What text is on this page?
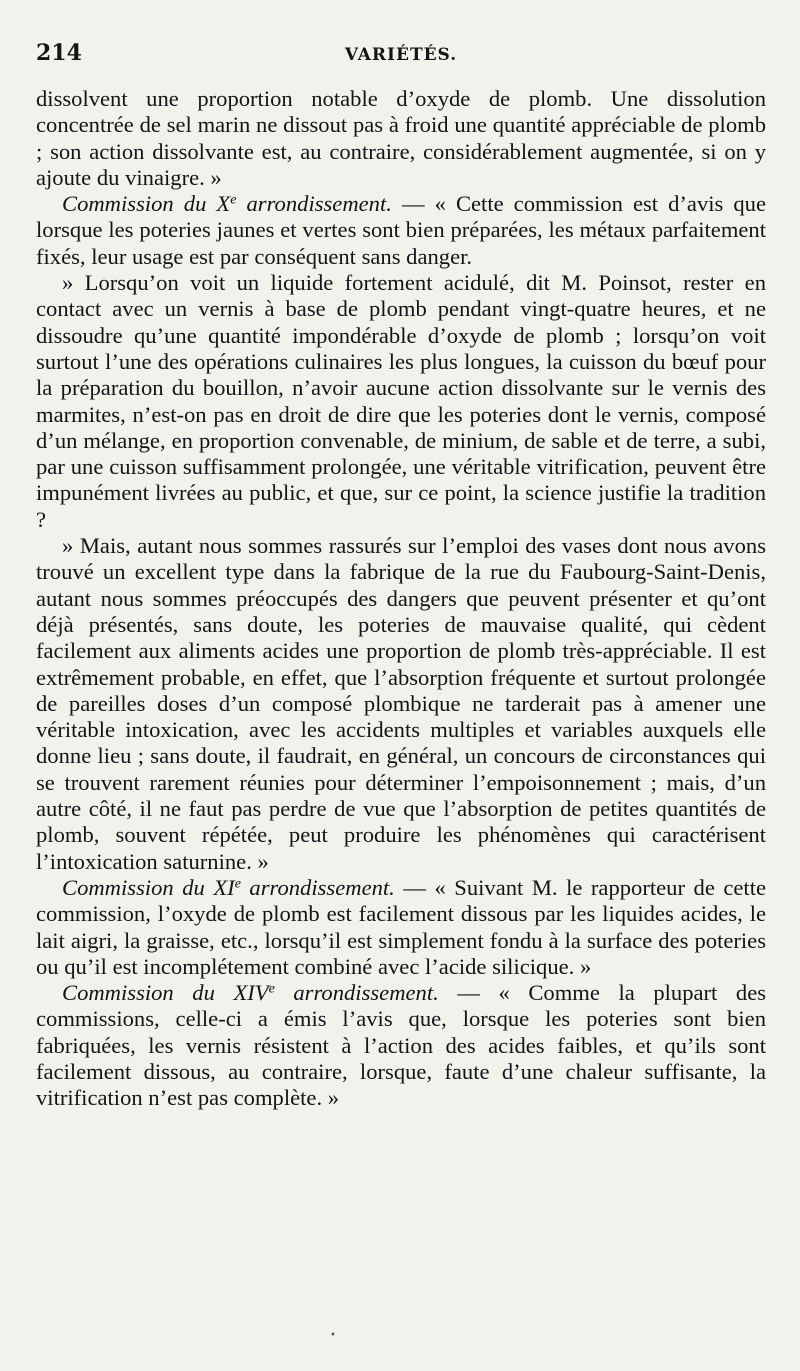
214	VARIÉTÉS.

dissolvent une proportion notable d’oxyde de plomb. Une dissolution concentrée de sel marin ne dissout pas à froid une quantité appréciable de plomb ; son action dissolvante est, au contraire, considérablement augmentée, si on y ajoute du vinaigre. »

Commission du Xe arrondissement. — « Cette commission est d’avis que lorsque les poteries jaunes et vertes sont bien préparées, les métaux parfaitement fixés, leur usage est par conséquent sans danger.

» Lorsqu’on voit un liquide fortement acidulé, dit M. Poinsot, rester en contact avec un vernis à base de plomb pendant vingt-quatre heures, et ne dissoudre qu’une quantité impondérable d’oxyde de plomb ; lorsqu’on voit surtout l’une des opérations culinaires les plus longues, la cuisson du bœuf pour la préparation du bouillon, n’avoir aucune action dissolvante sur le vernis des marmites, n’est-on pas en droit de dire que les poteries dont le vernis, composé d’un mélange, en proportion convenable, de minium, de sable et de terre, a subi, par une cuisson suffisamment prolongée, une véritable vitrification, peuvent être impunément livrées au public, et que, sur ce point, la science justifie la tradition ?

» Mais, autant nous sommes rassurés sur l’emploi des vases dont nous avons trouvé un excellent type dans la fabrique de la rue du Faubourg-Saint-Denis, autant nous sommes préoccupés des dangers que peuvent présenter et qu’ont déjà présentés, sans doute, les poteries de mauvaise qualité, qui cèdent facilement aux aliments acides une proportion de plomb très-appréciable. Il est extrêmement probable, en effet, que l’absorption fréquente et surtout prolongée de pareilles doses d’un composé plombique ne tarderait pas à amener une véritable intoxication, avec les accidents multiples et variables auxquels elle donne lieu ; sans doute, il faudrait, en général, un concours de circonstances qui se trouvent rarement réunies pour déterminer l’empoisonnement ; mais, d’un autre côté, il ne faut pas perdre de vue que l’absorption de petites quantités de plomb, souvent répétée, peut produire les phénomènes qui caractérisent l’intoxication saturnine. »

Commission du XIe arrondissement. — « Suivant M. le rapporteur de cette commission, l’oxyde de plomb est facilement dissous par les liquides acides, le lait aigri, la graisse, etc., lorsqu’il est simplement fondu à la surface des poteries ou qu’il est incomplétement combiné avec l’acide silicique. »

Commission du XIVe arrondissement. — « Comme la plupart des commissions, celle-ci a émis l’avis que, lorsque les poteries sont bien fabriquées, les vernis résistent à l’action des acides faibles, et qu’ils sont facilement dissous, au contraire, lorsque, faute d’une chaleur suffisante, la vitrification n’est pas complète. »

•
